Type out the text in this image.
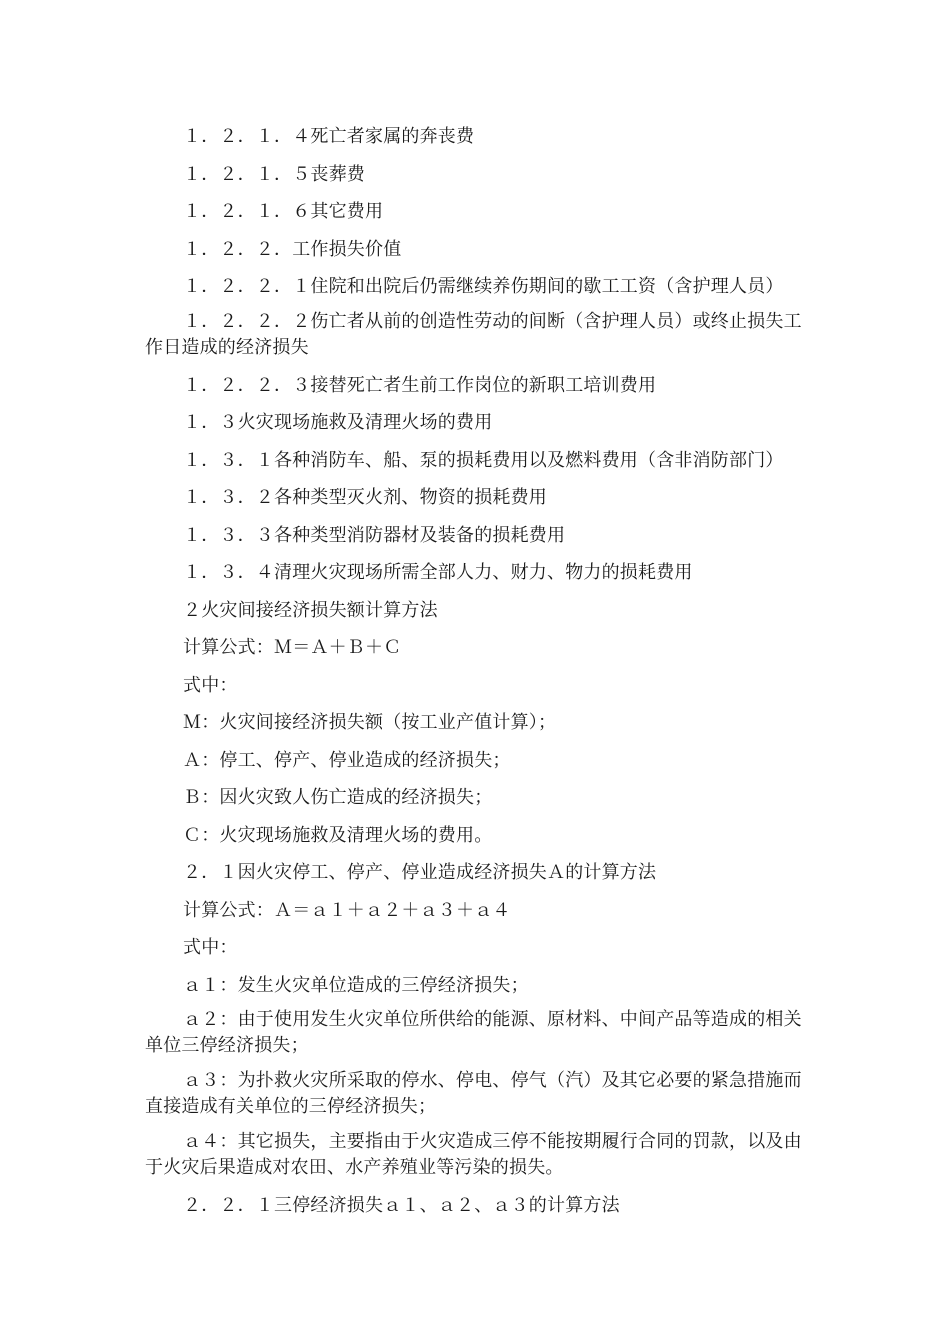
１．２．１．４死亡者家属的奔丧费

１．２．１．５丧葬费

１．２．１．６其它费用

１．２．２．工作损失价值

１．２．２．１住院和出院后仍需继续养伤期间的歇工工资（含护理人员）

１．２．２．２伤亡者从前的创造性劳动的间断（含护理人员）或终止损失工作日造成的经济损失

１．２．２．３接替死亡者生前工作岗位的新职工培训费用

１．３火灾现场施救及清理火场的费用

１．３．１各种消防车、船、泵的损耗费用以及燃料费用（含非消防部门）

１．３．２各种类型灭火剂、物资的损耗费用

１．３．３各种类型消防器材及装备的损耗费用

１．３．４清理火灾现场所需全部人力、财力、物力的损耗费用

２火灾间接经济损失额计算方法

计算公式：Ｍ＝Ａ＋Ｂ＋Ｃ

式中：

Ｍ：火灾间接经济损失额（按工业产值计算）；

Ａ：停工、停产、停业造成的经济损失；

Ｂ：因火灾致人伤亡造成的经济损失；

Ｃ：火灾现场施救及清理火场的费用。

２．１因火灾停工、停产、停业造成经济损失Ａ的计算方法

计算公式：Ａ＝ａ１＋ａ２＋ａ３＋ａ４

式中：

ａ１：发生火灾单位造成的三停经济损失；

ａ２：由于使用发生火灾单位所供给的能源、原材料、中间产品等造成的相关单位三停经济损失；

ａ３：为扑救火灾所采取的停水、停电、停气（汽）及其它必要的紧急措施而直接造成有关单位的三停经济损失；

ａ４：其它损失，主要指由于火灾造成三停不能按期履行合同的罚款，以及由于火灾后果造成对农田、水产养殖业等污染的损失。

２．２．１三停经济损失ａ１、ａ２、ａ３的计算方法
